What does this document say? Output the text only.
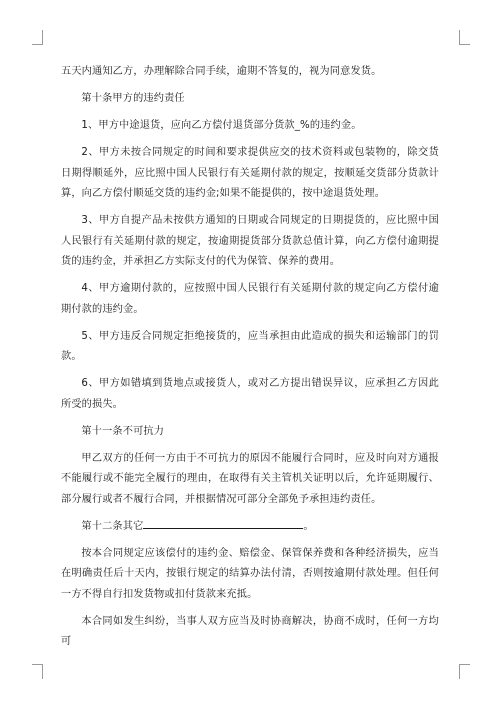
五天内通知乙方，办理解除合同手续，逾期不答复的，视为同意发货。

第十条甲方的违约责任

1、甲方中途退货，应向乙方偿付退货部分货款_%的违约金。

2、甲方未按合同规定的时间和要求提供应交的技术资料或包装物的，除交货日期得顺延外，应比照中国人民银行有关延期付款的规定，按顺延交货部分货款计算，向乙方偿付顺延交货的违约金;如果不能提供的，按中途退货处理。

3、甲方自提产品未按供方通知的日期或合同规定的日期提货的，应比照中国人民银行有关延期付款的规定，按逾期提货部分货款总值计算，向乙方偿付逾期提货的违约金，并承担乙方实际支付的代为保管、保养的费用。

4、甲方逾期付款的，应按照中国人民银行有关延期付款的规定向乙方偿付逾期付款的违约金。

5、甲方违反合同规定拒绝接货的，应当承担由此造成的损失和运输部门的罚款。

6、甲方如错填到货地点或接货人，或对乙方提出错误异议，应承担乙方因此所受的损失。

第十一条不可抗力

甲乙双方的任何一方由于不可抗力的原因不能履行合同时，应及时向对方通报不能履行或不能完全履行的理由，在取得有关主管机关证明以后，允许延期履行、部分履行或者不履行合同，并根据情况可部分全部免予承担违约责任。

第十二条其它	。

按本合同规定应该偿付的违约金、赔偿金、保管保养费和各种经济损失，应当在明确责任后十天内，按银行规定的结算办法付清，否则按逾期付款处理。但任何一方不得自行扣发货物或扣付货款来充抵。

本合同如发生纠纷，当事人双方应当及时协商解决，协商不成时，任何一方均可
